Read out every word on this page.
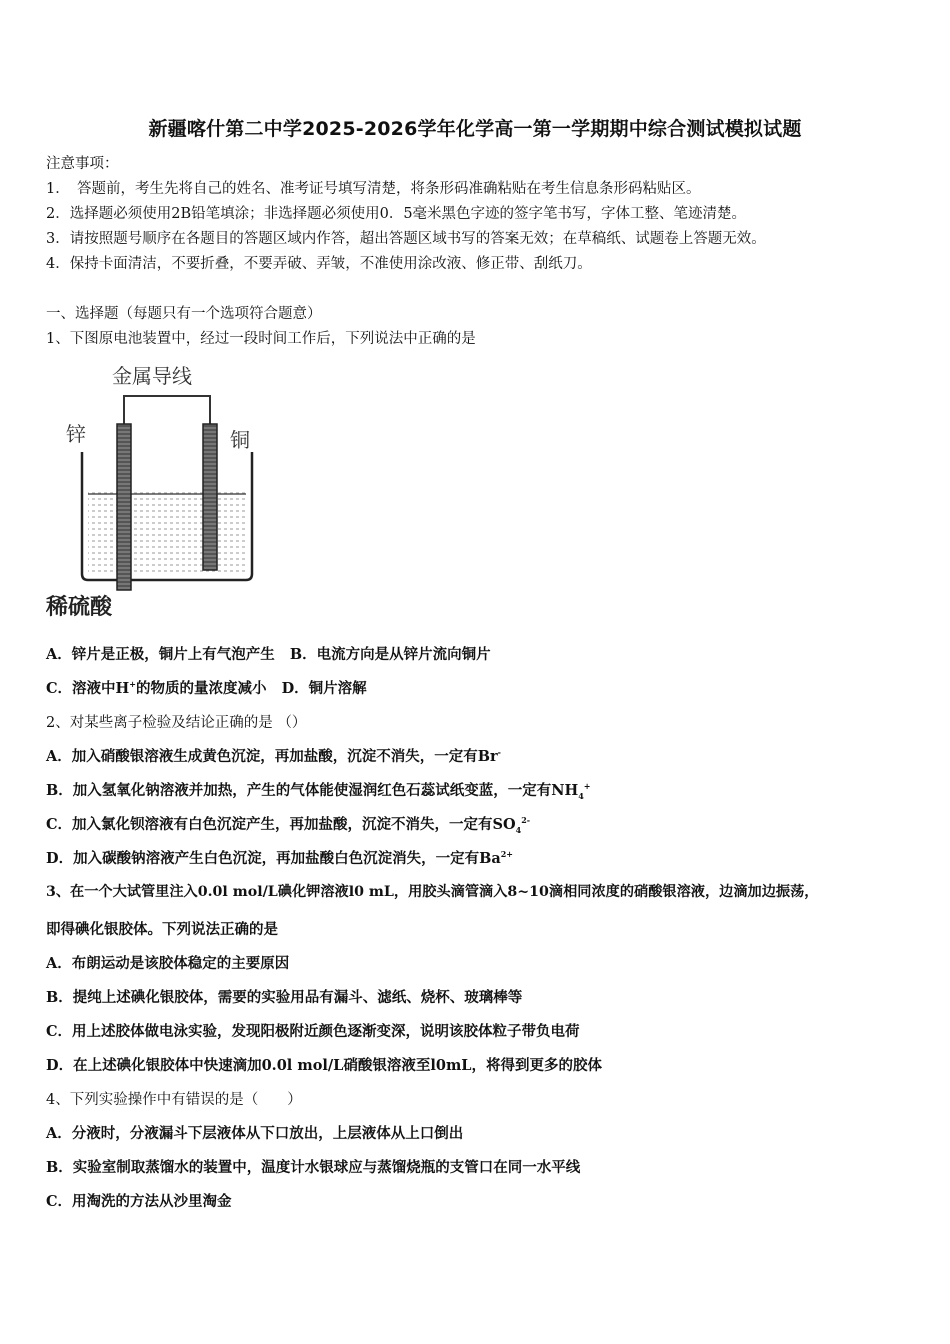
新疆喀什第二中学2025-2026学年化学高一第一学期期中综合测试模拟试题
注意事项：
1．　答题前，考生先将自己的姓名、准考证号填写清楚，将条形码准确粘贴在考生信息条形码粘贴区。
2．选择题必须使用2B铅笔填涂；非选择题必须使用0．5毫米黑色字迹的签字笔书写，字体工整、笔迹清楚。
3．请按照题号顺序在各题目的答题区域内作答，超出答题区域书写的答案无效；在草稿纸、试题卷上答题无效。
4．保持卡面清洁，不要折叠，不要弄破、弄皱，不准使用涂改液、修正带、刮纸刀。
一、选择题（每题只有一个选项符合题意）
1、下图原电池装置中，经过一段时间工作后，下列说法中正确的是
金属导线
锌	铜
稀硫酸
A．锌片是正极，铜片上有气泡产生 B．电流方向是从锌片流向铜片
C．溶液中H+的物质的量浓度减小 D．铜片溶解
2、对某些离子检验及结论正确的是 （）
A．加入硝酸银溶液生成黄色沉淀，再加盐酸，沉淀不消失，一定有Br-
B．加入氢氧化钠溶液并加热，产生的气体能使湿润红色石蕊试纸变蓝，一定有$NH_4^+$
C．加入氯化钡溶液有白色沉淀产生，再加盐酸，沉淀不消失，一定有$SO_4^{2-}$
D．加入碳酸钠溶液产生白色沉淀，再加盐酸白色沉淀消失，一定有$Ba^{2+}$
3、在一个大试管里注入0.0l mol/L碘化钾溶液l0 mL，用胶头滴管滴入8~10滴相同浓度的硝酸银溶液，边滴加边振荡，
即得碘化银胶体。下列说法正确的是
A．布朗运动是该胶体稳定的主要原因
B．提纯上述碘化银胶体，需要的实验用品有漏斗、滤纸、烧杯、玻璃棒等
C．用上述胶体做电泳实验，发现阳极附近颜色逐渐变深，说明该胶体粒子带负电荷
D．在上述碘化银胶体中快速滴加0.0l mol/L硝酸银溶液至l0mL，将得到更多的胶体
4、下列实验操作中有错误的是（　　）
A．分液时，分液漏斗下层液体从下口放出，上层液体从上口倒出
B．实验室制取蒸馏水的装置中，温度计水银球应与蒸馏烧瓶的支管口在同一水平线
C．用淘洗的方法从沙里淘金
